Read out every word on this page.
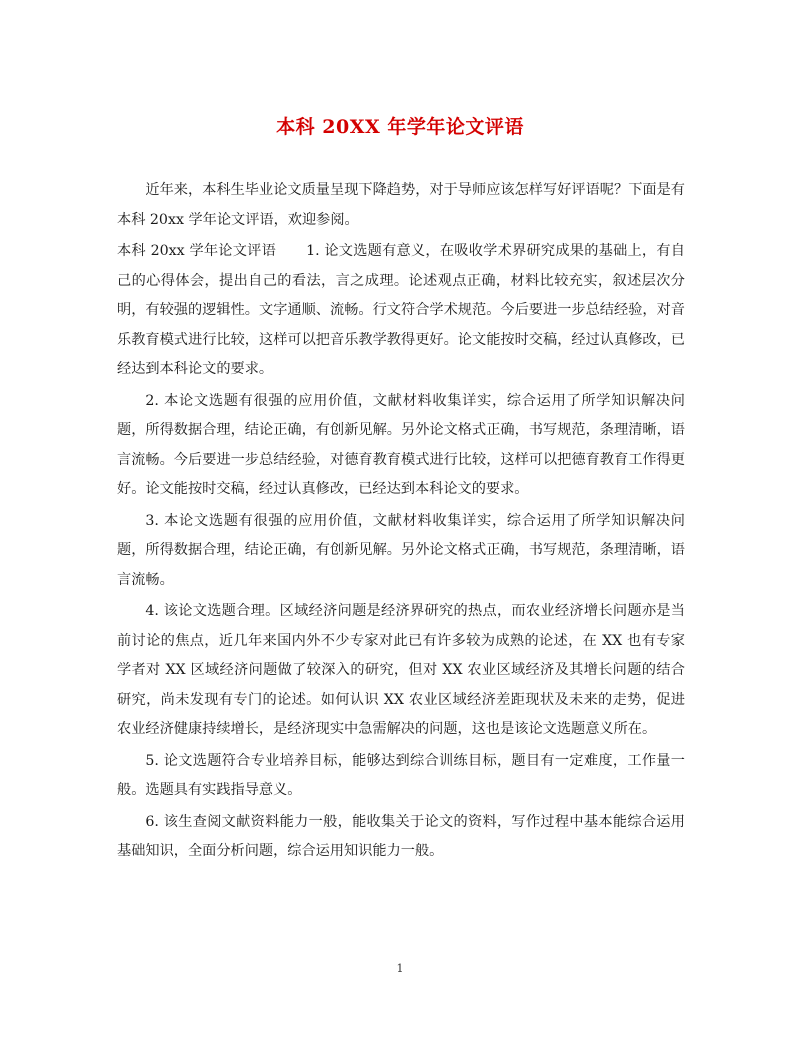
本科 20XX 年学年论文评语

近年来，本科生毕业论文质量呈现下降趋势，对于导师应该怎样写好评语呢？下面是有本科 20xx 学年论文评语，欢迎参阅。

本科 20xx 学年论文评语 1. 论文选题有意义，在吸收学术界研究成果的基础上，有自己的心得体会，提出自己的看法，言之成理。论述观点正确，材料比较充实，叙述层次分明，有较强的逻辑性。文字通顺、流畅。行文符合学术规范。今后要进一步总结经验，对音乐教育模式进行比较，这样可以把音乐教学教得更好。论文能按时交稿，经过认真修改，已经达到本科论文的要求。

2. 本论文选题有很强的应用价值，文献材料收集详实，综合运用了所学知识解决问题，所得数据合理，结论正确，有创新见解。另外论文格式正确，书写规范，条理清晰，语言流畅。今后要进一步总结经验，对德育教育模式进行比较，这样可以把德育教育工作得更好。论文能按时交稿，经过认真修改，已经达到本科论文的要求。

3. 本论文选题有很强的应用价值，文献材料收集详实，综合运用了所学知识解决问题，所得数据合理，结论正确，有创新见解。另外论文格式正确，书写规范，条理清晰，语言流畅。

4. 该论文选题合理。区域经济问题是经济界研究的热点，而农业经济增长问题亦是当前讨论的焦点，近几年来国内外不少专家对此已有许多较为成熟的论述，在 XX 也有专家学者对 XX 区域经济问题做了较深入的研究，但对 XX 农业区域经济及其增长问题的结合研究，尚未发现有专门的论述。如何认识 XX 农业区域经济差距现状及未来的走势，促进农业经济健康持续增长，是经济现实中急需解决的问题，这也是该论文选题意义所在。

5. 论文选题符合专业培养目标，能够达到综合训练目标，题目有一定难度，工作量一般。选题具有实践指导意义。

6. 该生查阅文献资料能力一般，能收集关于论文的资料，写作过程中基本能综合运用基础知识，全面分析问题，综合运用知识能力一般。

1
